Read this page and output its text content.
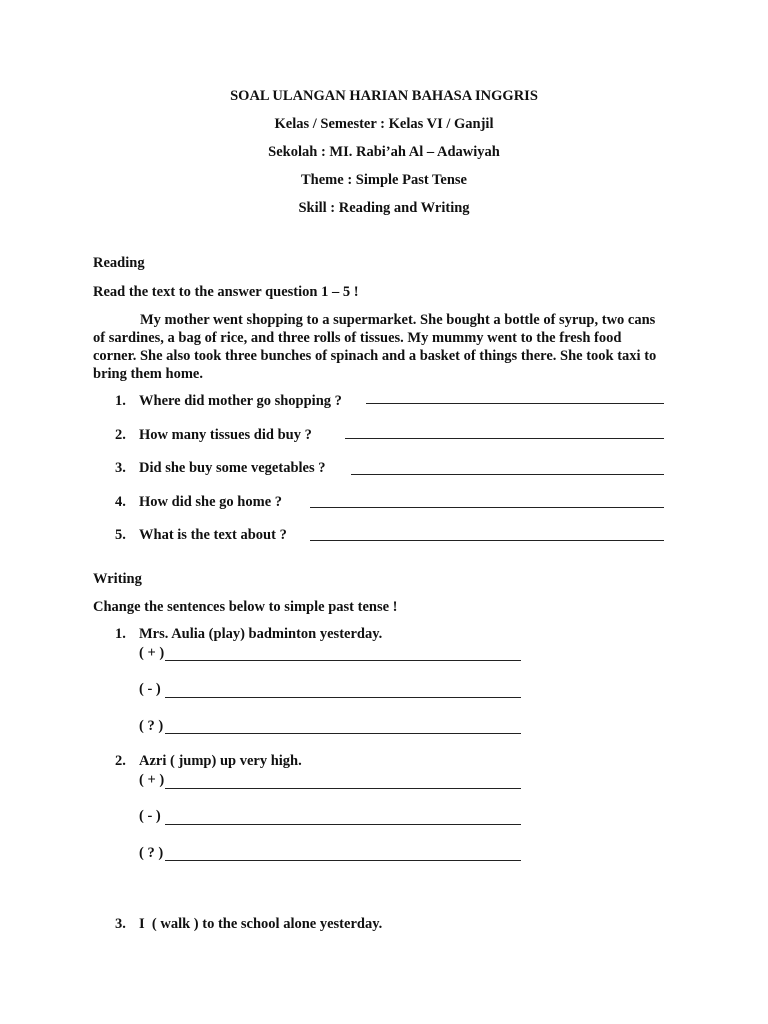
SOAL ULANGAN HARIAN BAHASA INGGRIS
Kelas / Semester : Kelas VI / Ganjil
Sekolah : MI. Rabi’ah Al – Adawiyah
Theme : Simple Past Tense
Skill : Reading and Writing
Reading
Read the text to the answer question 1 – 5 !
My mother went shopping to a supermarket. She bought a bottle of syrup, two cans of sardines, a bag of rice, and three rolls of tissues. My mummy went to the fresh food corner. She also took three bunches of spinach and a basket of things there. She took taxi to bring them home.
1. Where did mother go shopping ?
2. How many tissues did buy ?
3. Did she buy some vegetables ?
4. How did she go home ?
5. What is the text about ?
Writing
Change the sentences below to simple past tense !
1. Mrs. Aulia (play) badminton yesterday.
( + )
( - )
( ? )
2. Azri ( jump) up very high.
( + )
( - )
( ? )
3. I  ( walk ) to the school alone yesterday.
